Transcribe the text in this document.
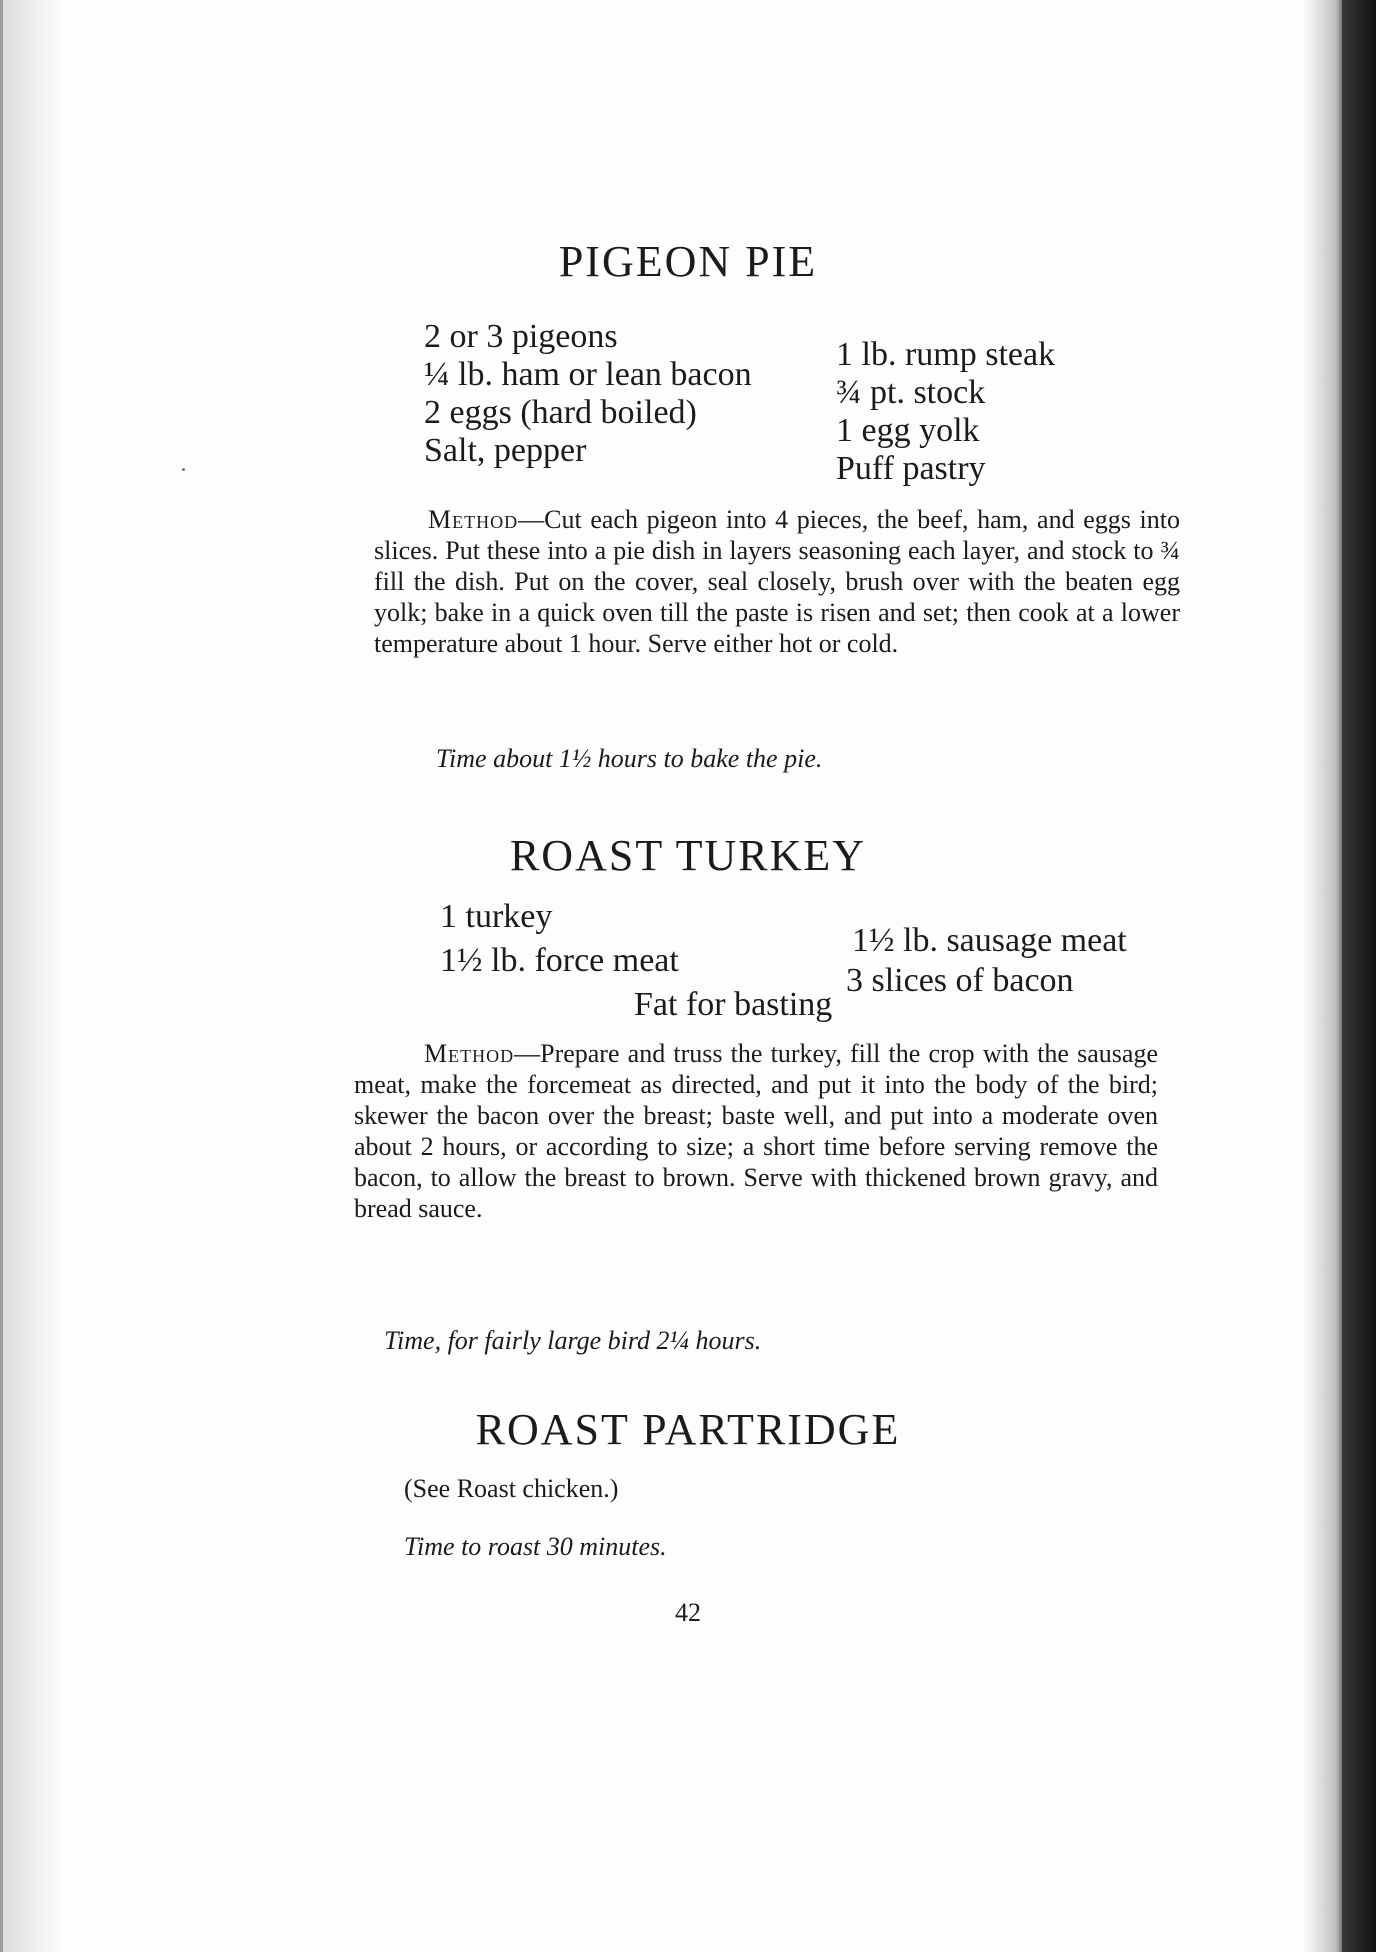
PIGEON PIE
2 or 3 pigeons
¼ lb. ham or lean bacon
2 eggs (hard boiled)
Salt, pepper
1 lb. rump steak
¾ pt. stock
1 egg yolk
Puff pastry

Method—Cut each pigeon into 4 pieces, the beef, ham, and eggs into slices. Put these into a pie dish in layers seasoning each layer, and stock to ¾ fill the dish. Put on the cover, seal closely, brush over with the beaten egg yolk; bake in a quick oven till the paste is risen and set; then cook at a lower temperature about 1 hour. Serve either hot or cold.

Time about 1½ hours to bake the pie.
ROAST TURKEY
1 turkey
1½ lb. force meat
1½ lb. sausage meat
3 slices of bacon
Fat for basting

Method—Prepare and truss the turkey, fill the crop with the sausage meat, make the forcemeat as directed, and put it into the body of the bird; skewer the bacon over the breast; baste well, and put into a moderate oven about 2 hours, or according to size; a short time before serving remove the bacon, to allow the breast to brown. Serve with thickened brown gravy, and bread sauce.

Time, for fairly large bird 2¼ hours.
ROAST PARTRIDGE
(See Roast chicken.)
Time to roast 30 minutes.
42
